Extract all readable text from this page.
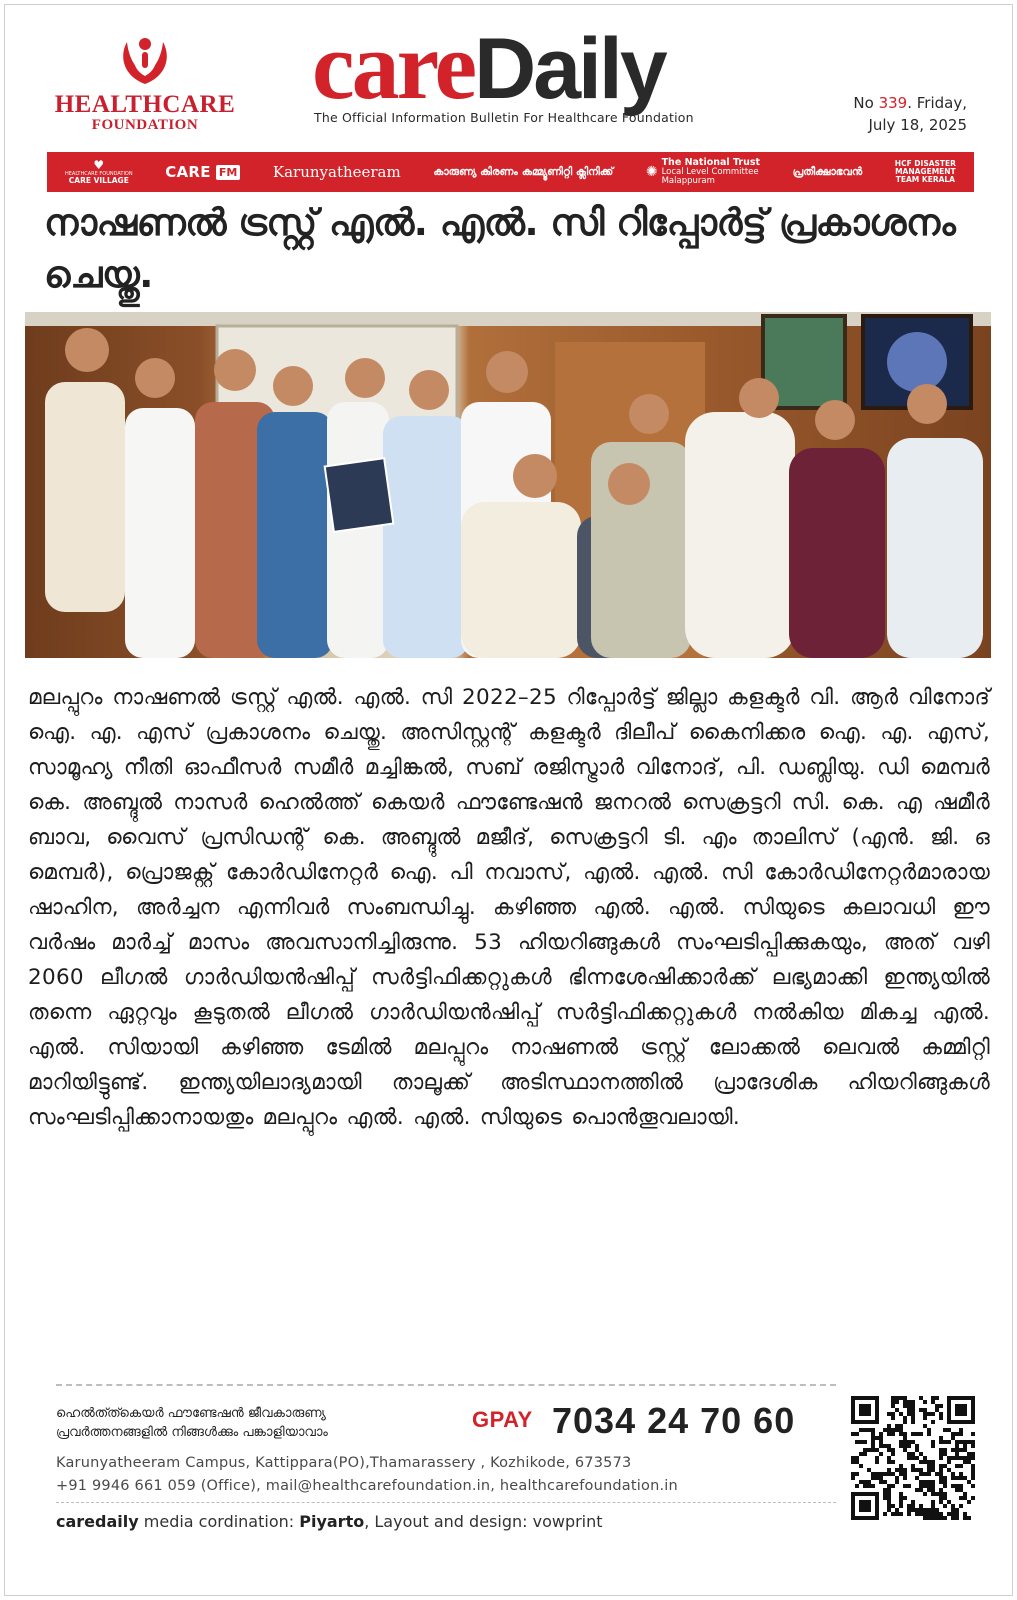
HEALTHCARE
FOUNDATION
careDaily
The Official Information Bulletin For Healthcare Foundation
No 339. Friday,
July 18, 2025
♥
HEALTHCARE FOUNDATION
CARE VILLAGE CARE FM Karunyatheeram	കാരുണ്യ കിരണം കമ്മ്യൂണിറ്റി ക്ലിനിക്ക് ✺
The National Trust
Local Level Committee
Malappuram
പ്രതീക്ഷാഭവൻ
HCF DISASTER
MANAGEMENT
TEAM KERALA
നാഷണൽ ട്രസ്റ്റ് എൽ. എൽ. സി റിപ്പോർട്ട് പ്രകാശനം ചെയ്തു.
മലപ്പുറം നാഷണൽ ട്രസ്റ്റ് എൽ. എൽ. സി 2022–25 റിപ്പോർട്ട് ജില്ലാ കളക്ടർ വി. ആർ വിനോദ് ഐ. എ. എസ് പ്രകാശനം ചെയ്തു. അസിസ്റ്റന്റ് കളക്ടർ ദിലീപ് കൈനിക്കര ഐ. എ. എസ്, സാമൂഹ്യ നീതി ഓഫീസർ സമീർ മച്ചിങ്കൽ, സബ് രജിസ്ട്രാർ വിനോദ്, പി. ഡബ്ലിയു. ഡി മെമ്പർ കെ. അബ്ദുൽ നാസർ ഹെൽത്ത് കെയർ ഫൗണ്ടേഷൻ ജനറൽ സെക്രട്ടറി സി. കെ. എ ഷമീർ ബാവ, വൈസ് പ്രസിഡന്റ് കെ. അബ്ദുൽ മജീദ്, സെക്രട്ടറി ടി. എം താലിസ് (എൻ. ജി. ഒ മെമ്പർ), പ്രൊജക്റ്റ് കോർഡിനേറ്റർ ഐ. പി നവാസ്, എൽ. എൽ. സി കോർഡിനേറ്റർമാരായ ഷാഹിന, അർച്ചന എന്നിവർ സംബന്ധിച്ചു. കഴിഞ്ഞ എൽ. എൽ. സിയുടെ കലാവധി ഈ വർഷം മാർച്ച് മാസം അവസാനിച്ചിരുന്നു. 53 ഹിയറിങ്ങുകൾ സംഘടിപ്പിക്കുകയും, അത് വഴി 2060 ലീഗൽ ഗാർഡിയൻഷിപ്പ് സർട്ടിഫിക്കറ്റുകൾ ഭിന്നശേഷിക്കാർക്ക് ലഭ്യമാക്കി ഇന്ത്യയിൽ തന്നെ ഏറ്റവും കൂടുതൽ ലീഗൽ ഗാർഡിയൻഷിപ്പ് സർട്ടിഫിക്കറ്റുകൾ നൽകിയ മികച്ച എൽ. എൽ. സിയായി കഴിഞ്ഞ ടേമിൽ മലപ്പുറം നാഷണൽ ട്രസ്റ്റ് ലോക്കൽ ലെവൽ കമ്മിറ്റി മാറിയിട്ടുണ്ട്. ഇന്ത്യയിലാദ്യമായി താലൂക്ക് അടിസ്ഥാനത്തിൽ പ്രാദേശിക ഹിയറിങ്ങുകൾ സംഘടിപ്പിക്കാനായതും മലപ്പുറം എൽ. എൽ. സിയുടെ പൊൻതൂവലായി.
ഹെൽത്ത്കെയർ ഫൗണ്ടേഷൻ ജീവകാരുണ്യ
പ്രവർത്തനങ്ങളിൽ നിങ്ങൾക്കും പങ്കാളിയാവാം
GPAY 7034 24 70 60
Karunyatheeram Campus, Kattippara(PO),Thamarassery , Kozhikode, 673573
+91 9946 661 059 (Office), mail@healthcarefoundation.in, healthcarefoundation.in
caredaily media cordination: Piyarto, Layout and design: vowprint
